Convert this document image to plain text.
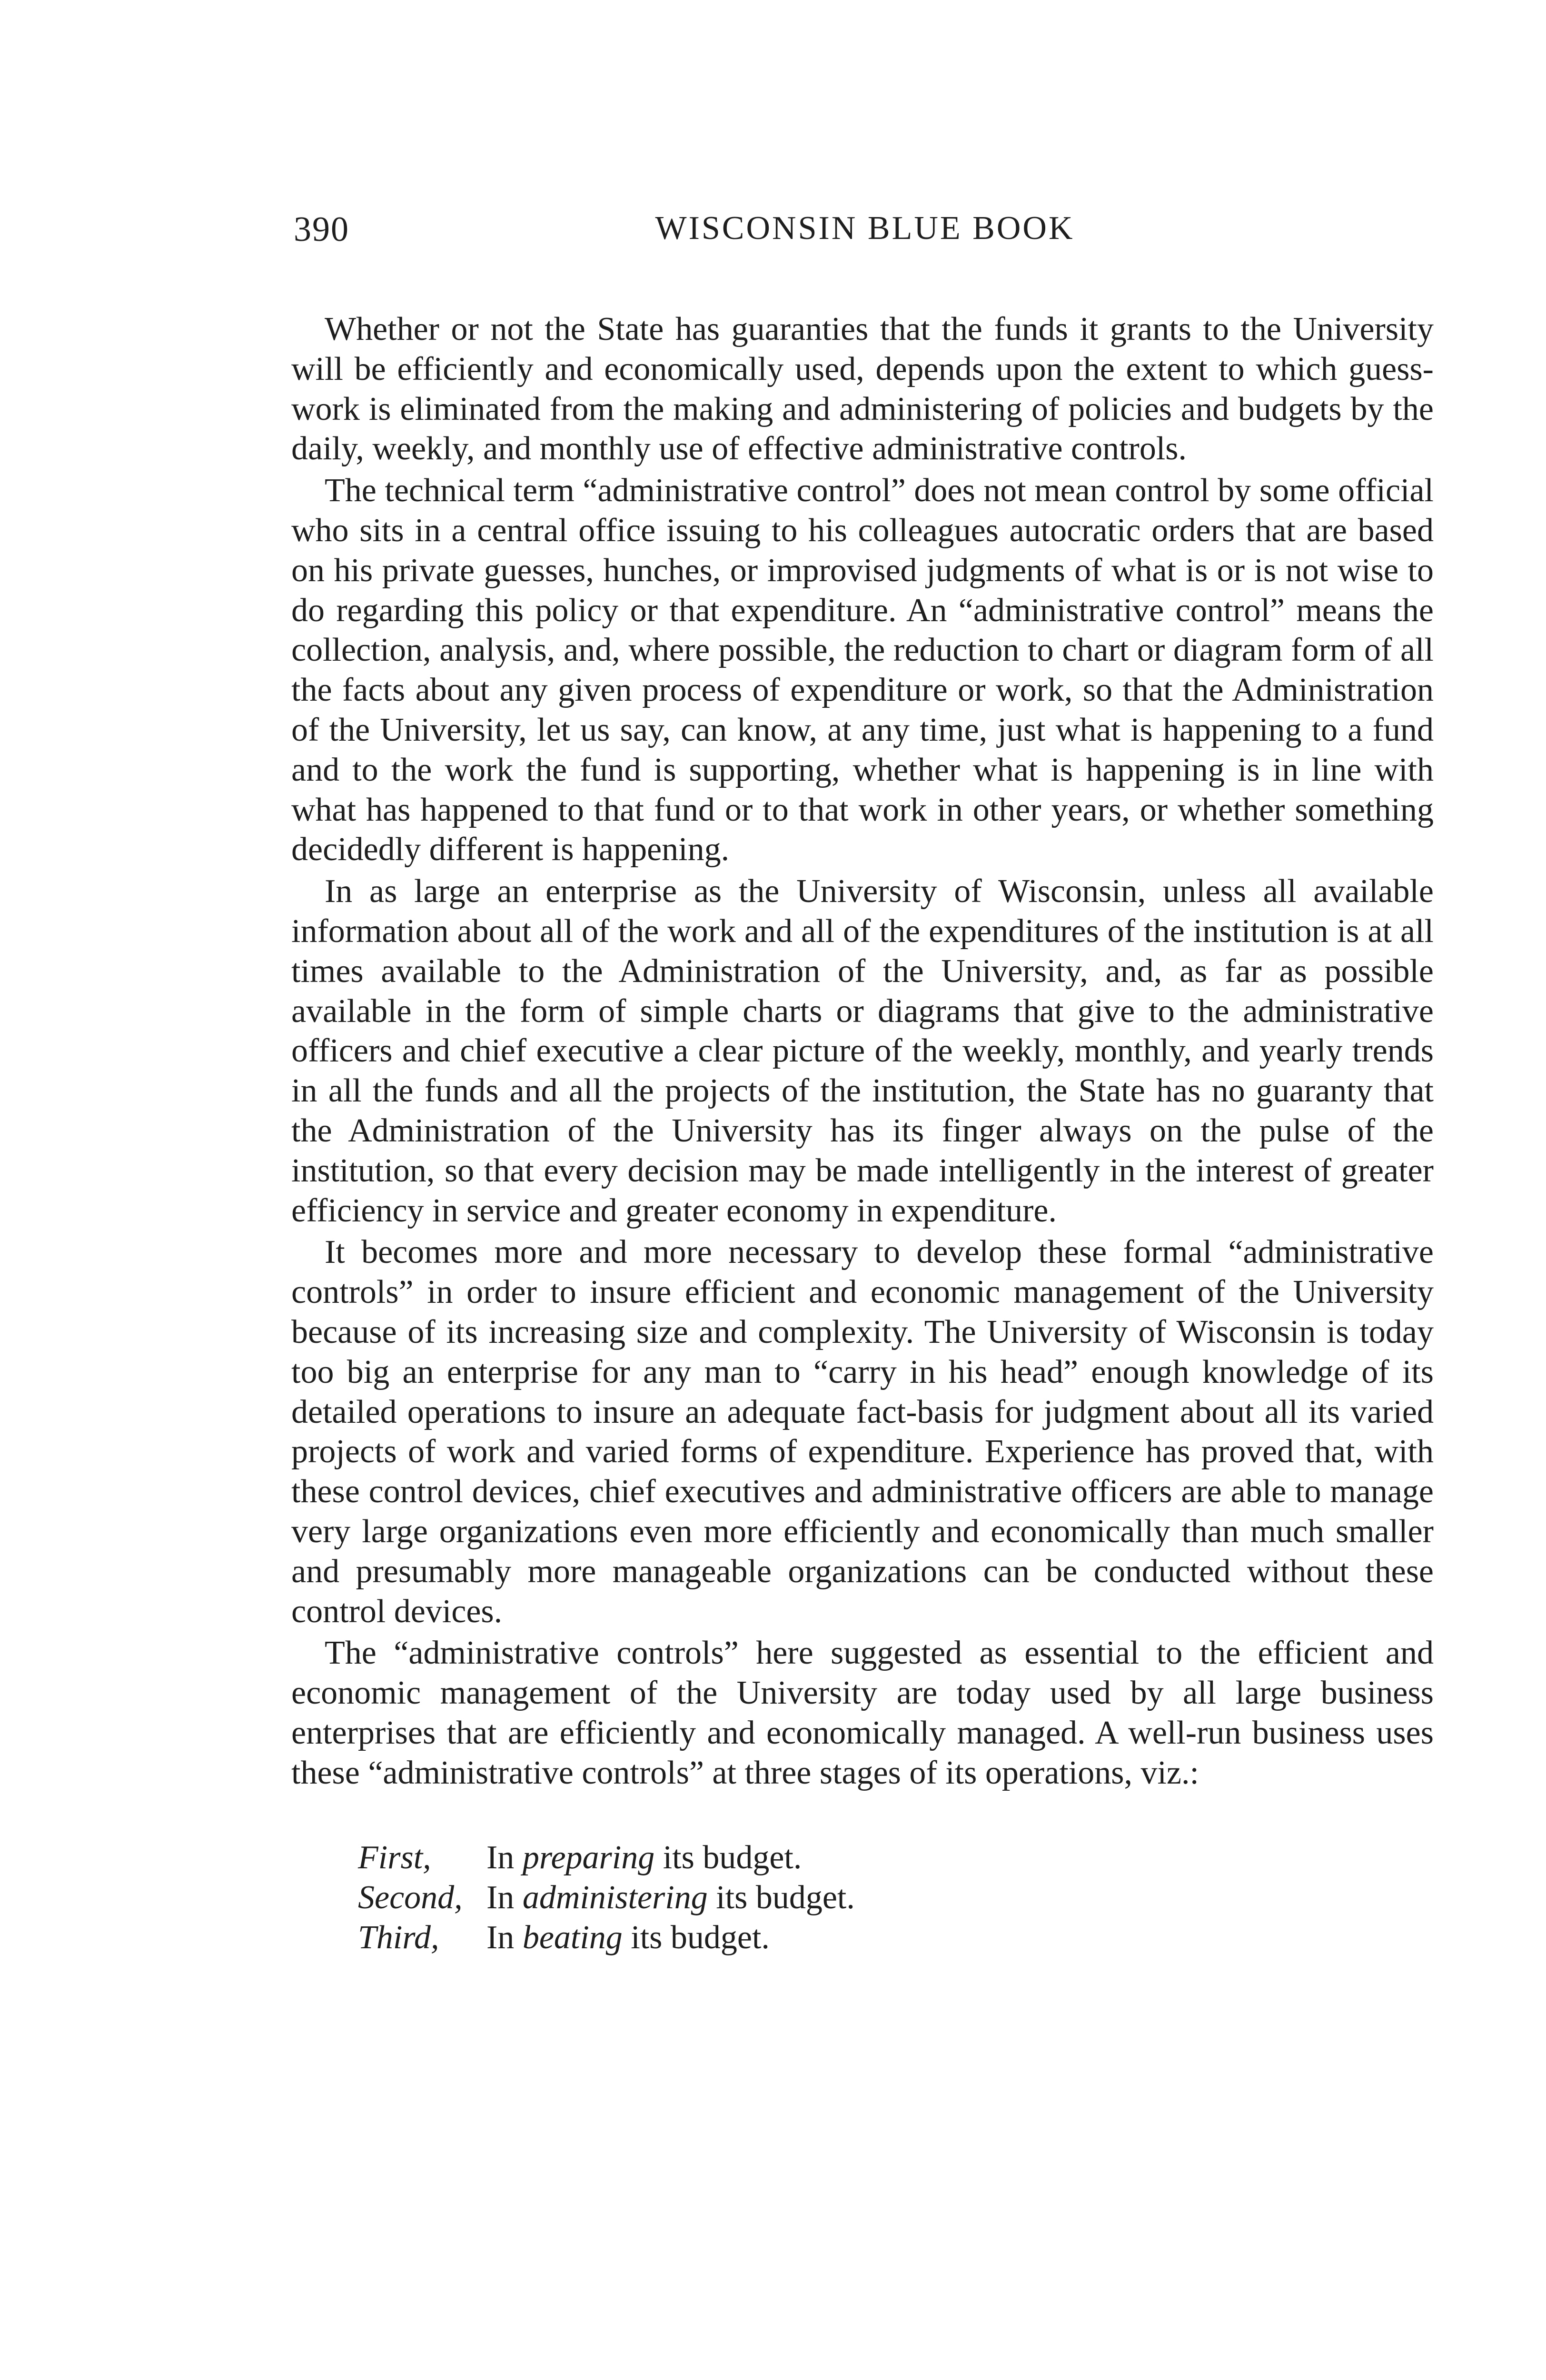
390	WISCONSIN BLUE BOOK

Whether or not the State has guaranties that the funds it grants to the University will be efficiently and economically used, depends upon the extent to which guess-work is eliminated from the making and administering of policies and budgets by the daily, weekly, and monthly use of effective administrative controls.

The technical term “administrative control” does not mean control by some official who sits in a central office issuing to his colleagues autocratic orders that are based on his private guesses, hunches, or improvised judgments of what is or is not wise to do regarding this policy or that expenditure. An “administrative control” means the collection, analysis, and, where possible, the reduction to chart or diagram form of all the facts about any given process of expenditure or work, so that the Administration of the University, let us say, can know, at any time, just what is happening to a fund and to the work the fund is supporting, whether what is happening is in line with what has happened to that fund or to that work in other years, or whether something decidedly different is happening.

In as large an enterprise as the University of Wisconsin, unless all available information about all of the work and all of the expenditures of the institution is at all times available to the Administration of the University, and, as far as possible available in the form of simple charts or diagrams that give to the administrative officers and chief executive a clear picture of the weekly, monthly, and yearly trends in all the funds and all the projects of the institution, the State has no guaranty that the Administration of the University has its finger always on the pulse of the institution, so that every decision may be made intelligently in the interest of greater efficiency in service and greater economy in expenditure.

It becomes more and more necessary to develop these formal “administrative controls” in order to insure efficient and economic management of the University because of its increasing size and complexity. The University of Wisconsin is today too big an enterprise for any man to “carry in his head” enough knowledge of its detailed operations to insure an adequate fact-basis for judgment about all its varied projects of work and varied forms of expenditure. Experience has proved that, with these control devices, chief executives and administrative officers are able to manage very large organizations even more efficiently and economically than much smaller and presumably more manageable organizations can be conducted without these control devices.

The “administrative controls” here suggested as essential to the efficient and economic management of the University are today used by all large business enterprises that are efficiently and economically managed. A well-run business uses these “administrative controls” at three stages of its operations, viz.:

First,	In preparing its budget.
Second, In administering its budget.
Third,	In beating its budget.
